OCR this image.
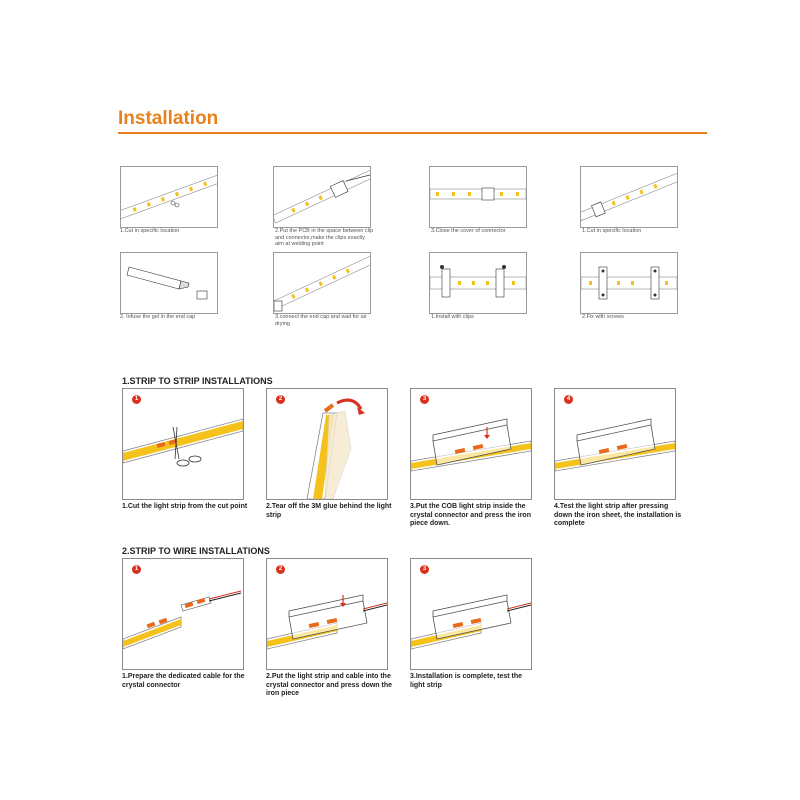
Installation
1.Cut in specific location	2.Put the PCB in the space between clip and connector,make the clips exactly aim at welding point
3.Close the cover of connector	1.Cut in specific location
2. Infuse the gel in the end cap	3.connect the end cap and wait for air drying
1.Install with clips	2.Fix with screws
1.STRIP TO STRIP INSTALLATIONS
1
1.Cut the light strip from the cut point
2
2.Tear off the 3M glue behind the light strip
3
3.Put the COB light strip inside the crystal connector and press the iron piece down.
4
4.Test the light strip after pressing down the iron sheet, the installation is complete
2.STRIP TO WIRE INSTALLATIONS
1
1.Prepare the dedicated cable for the crystal connector
2
2.Put the light strip and cable into the crystal connector and press down the iron piece
3
3.Installation is complete, test the light strip
